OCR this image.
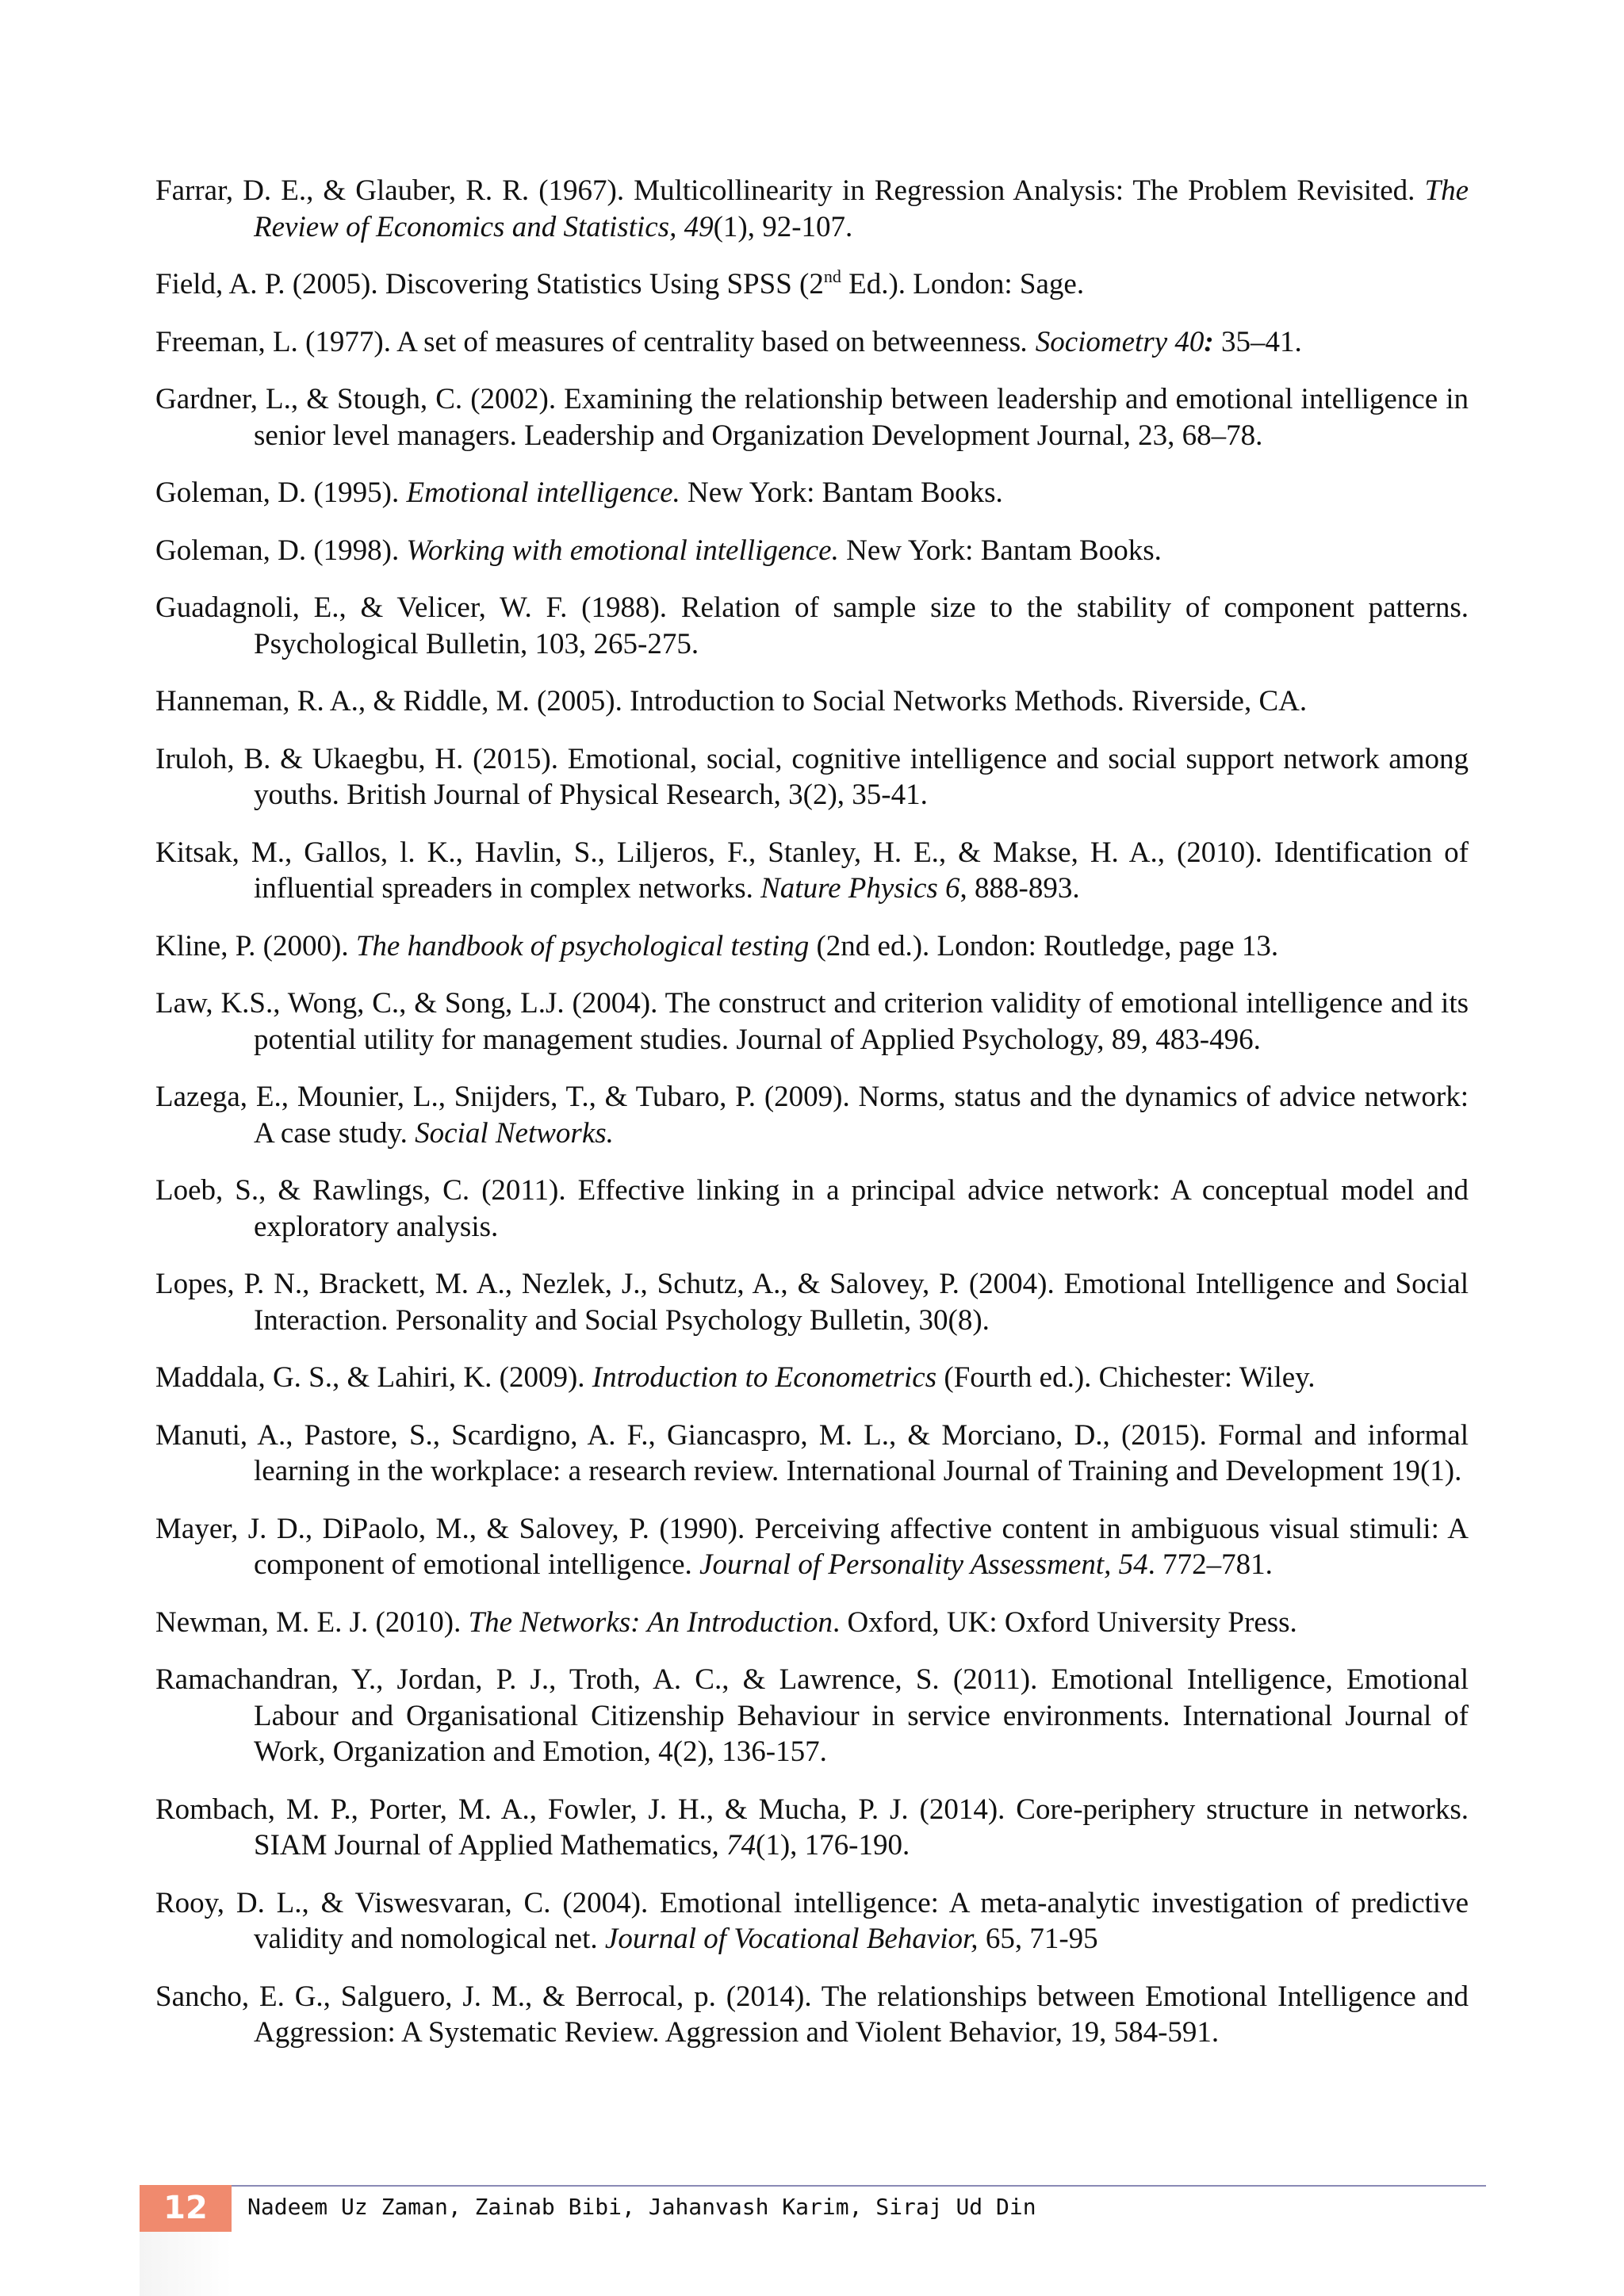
Farrar, D. E., & Glauber, R. R. (1967). Multicollinearity in Regression Analysis: The Problem Revisited. The Review of Economics and Statistics, 49(1), 92-107.

Field, A. P. (2005). Discovering Statistics Using SPSS (2nd Ed.). London: Sage.

Freeman, L. (1977). A set of measures of centrality based on betweenness. Sociometry 40: 35–41.

Gardner, L., & Stough, C. (2002). Examining the relationship between leadership and emotional intelligence in senior level managers. Leadership and Organization Development Journal, 23, 68–78.

Goleman, D. (1995). Emotional intelligence. New York: Bantam Books.

Goleman, D. (1998). Working with emotional intelligence. New York: Bantam Books.

Guadagnoli, E., & Velicer, W. F. (1988). Relation of sample size to the stability of component patterns. Psychological Bulletin, 103, 265-275.

Hanneman, R. A., & Riddle, M. (2005). Introduction to Social Networks Methods. Riverside, CA.

Iruloh, B. & Ukaegbu, H. (2015). Emotional, social, cognitive intelligence and social support network among youths. British Journal of Physical Research, 3(2), 35-41.

Kitsak, M., Gallos, l. K., Havlin, S., Liljeros, F., Stanley, H. E., & Makse, H. A., (2010). Identification of influential spreaders in complex networks. Nature Physics 6, 888-893.

Kline, P. (2000). The handbook of psychological testing (2nd ed.). London: Routledge, page 13.

Law, K.S., Wong, C., & Song, L.J. (2004). The construct and criterion validity of emotional intelligence and its potential utility for management studies. Journal of Applied Psychology, 89, 483-496.

Lazega, E., Mounier, L., Snijders, T., & Tubaro, P. (2009). Norms, status and the dynamics of advice network: A case study. Social Networks.

Loeb, S., & Rawlings, C. (2011). Effective linking in a principal advice network: A conceptual model and exploratory analysis.

Lopes, P. N., Brackett, M. A., Nezlek, J., Schutz, A., & Salovey, P. (2004). Emotional Intelligence and Social Interaction. Personality and Social Psychology Bulletin, 30(8).

Maddala, G. S., & Lahiri, K. (2009). Introduction to Econometrics (Fourth ed.). Chichester: Wiley.

Manuti, A., Pastore, S., Scardigno, A. F., Giancaspro, M. L., & Morciano, D., (2015). Formal and informal learning in the workplace: a research review. International Journal of Training and Development 19(1).

Mayer, J. D., DiPaolo, M., & Salovey, P. (1990). Perceiving affective content in ambiguous visual stimuli: A component of emotional intelligence. Journal of Personality Assessment, 54. 772–781.

Newman, M. E. J. (2010). The Networks: An Introduction. Oxford, UK: Oxford University Press.

Ramachandran, Y., Jordan, P. J., Troth, A. C., & Lawrence, S. (2011). Emotional Intelligence, Emotional Labour and Organisational Citizenship Behaviour in service environments. International Journal of Work, Organization and Emotion, 4(2), 136-157.

Rombach, M. P., Porter, M. A., Fowler, J. H., & Mucha, P. J. (2014). Core-periphery structure in networks. SIAM Journal of Applied Mathematics, 74(1), 176-190.

Rooy, D. L., & Viswesvaran, C. (2004). Emotional intelligence: A meta-analytic investigation of predictive validity and nomological net. Journal of Vocational Behavior, 65, 71-95

Sancho, E. G., Salguero, J. M., & Berrocal, p. (2014). The relationships between Emotional Intelligence and Aggression: A Systematic Review. Aggression and Violent Behavior, 19, 584-591.

12	Nadeem Uz Zaman, Zainab Bibi, Jahanvash Karim, Siraj Ud Din
